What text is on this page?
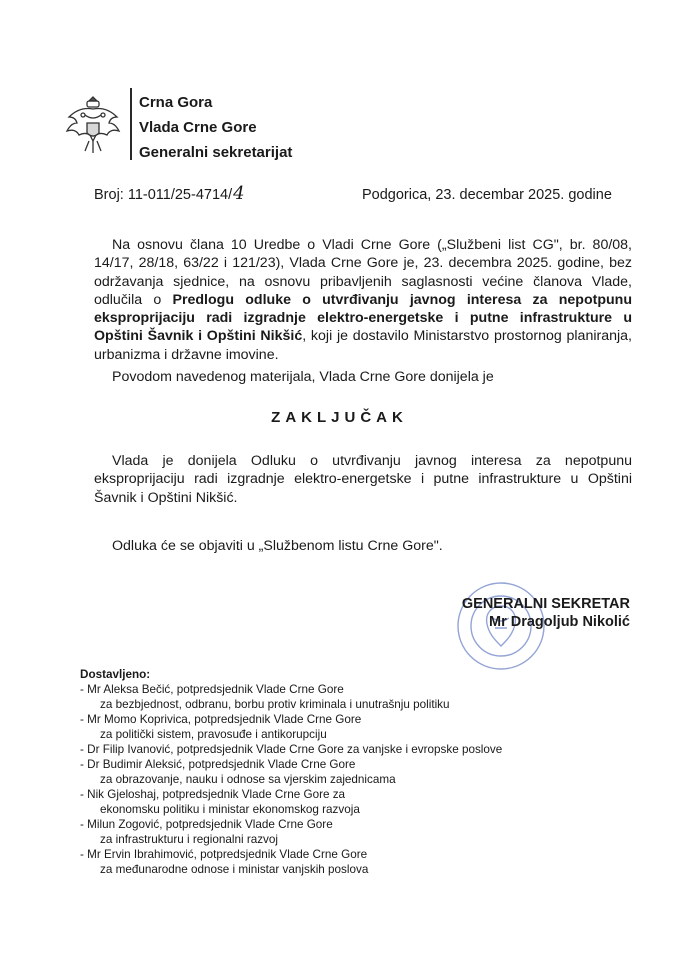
Crna Gora
Vlada Crne Gore
Generalni sekretarijat
Broj: 11-011/25-4714/4	Podgorica, 23. decembar 2025. godine
Na osnovu člana 10 Uredbe o Vladi Crne Gore („Službeni list CG", br. 80/08, 14/17, 28/18, 63/22 i 121/23), Vlada Crne Gore je, 23. decembra 2025. godine, bez održavanja sjednice, na osnovu pribavljenih saglasnosti većine članova Vlade, odlučila o Predlogu odluke o utvrđivanju javnog interesa za nepotpunu eksproprijaciju radi izgradnje elektro-energetske i putne infrastrukture u Opštini Šavnik i Opštini Nikšić, koji je dostavilo Ministarstvo prostornog planiranja, urbanizma i državne imovine.
Povodom navedenog materijala, Vlada Crne Gore donijela je
ZAKLJUČAK
Vlada je donijela Odluku o utvrđivanju javnog interesa za nepotpunu eksproprijaciju radi izgradnje elektro-energetske i putne infrastrukture u Opštini Šavnik i Opštini Nikšić.
Odluka će se objaviti u „Službenom listu Crne Gore".
GENERALNI SEKRETAR
Mr Dragoljub Nikolić
Dostavljeno:
- Mr Aleksa Bečić, potpredsjednik Vlade Crne Gore
za bezbjednost, odbranu, borbu protiv kriminala i unutrašnju politiku
- Mr Momo Koprivica, potpredsjednik Vlade Crne Gore
za politički sistem, pravosuđe i antikorupciju
- Dr Filip Ivanović, potpredsjednik Vlade Crne Gore za vanjske i evropske poslove
- Dr Budimir Aleksić, potpredsjednik Vlade Crne Gore
za obrazovanje, nauku i odnose sa vjerskim zajednicama
- Nik Gjeloshaj, potpredsjednik Vlade Crne Gore za
ekonomsku politiku i ministar ekonomskog razvoja
- Milun Zogović, potpredsjednik Vlade Crne Gore
za infrastrukturu i regionalni razvoj
- Mr Ervin Ibrahimović, potpredsjednik Vlade Crne Gore
za međunarodne odnose i ministar vanjskih poslova
